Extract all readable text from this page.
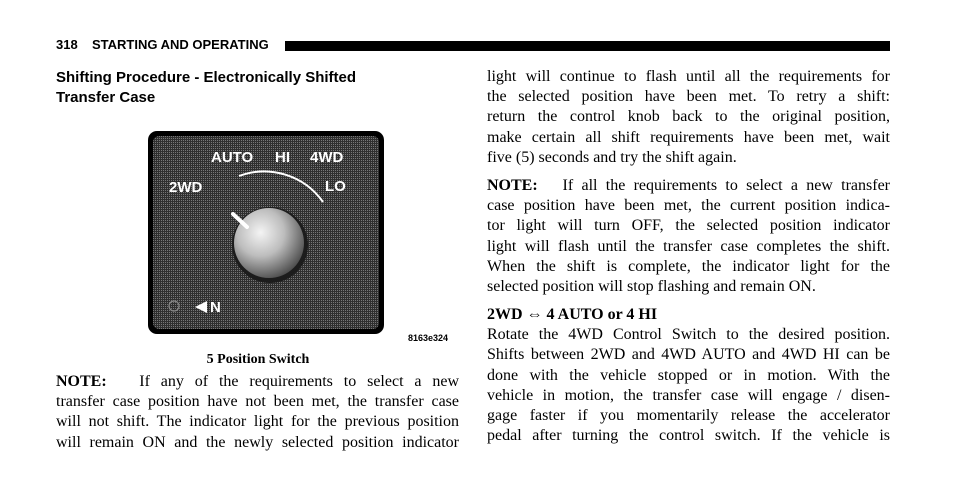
318 STARTING AND OPERATING
Shifting Procedure - Electronically Shifted
Transfer Case
AUTO HI 4WD
2WD	LO
N
8163e324
5 Position Switch
NOTE: If any of the requirements to select a new
transfer case position have not been met, the transfer case
will not shift. The indicator light for the previous position
will remain ON and the newly selected position indicator
light will continue to flash until all the requirements for
the selected position have been met. To retry a shift:
return the control knob back to the original position,
make certain all shift requirements have been met, wait
five (5) seconds and try the shift again.
NOTE: If all the requirements to select a new transfer
case position have been met, the current position indica-
tor light will turn OFF, the selected position indicator
light will flash until the transfer case completes the shift.
When the shift is complete, the indicator light for the
selected position will stop flashing and remain ON.
2WD ⇔ 4 AUTO or 4 HI
Rotate the 4WD Control Switch to the desired position.
Shifts between 2WD and 4WD AUTO and 4WD HI can be
done with the vehicle stopped or in motion. With the
vehicle in motion, the transfer case will engage / disen-
gage faster if you momentarily release the accelerator
pedal after turning the control switch. If the vehicle is
